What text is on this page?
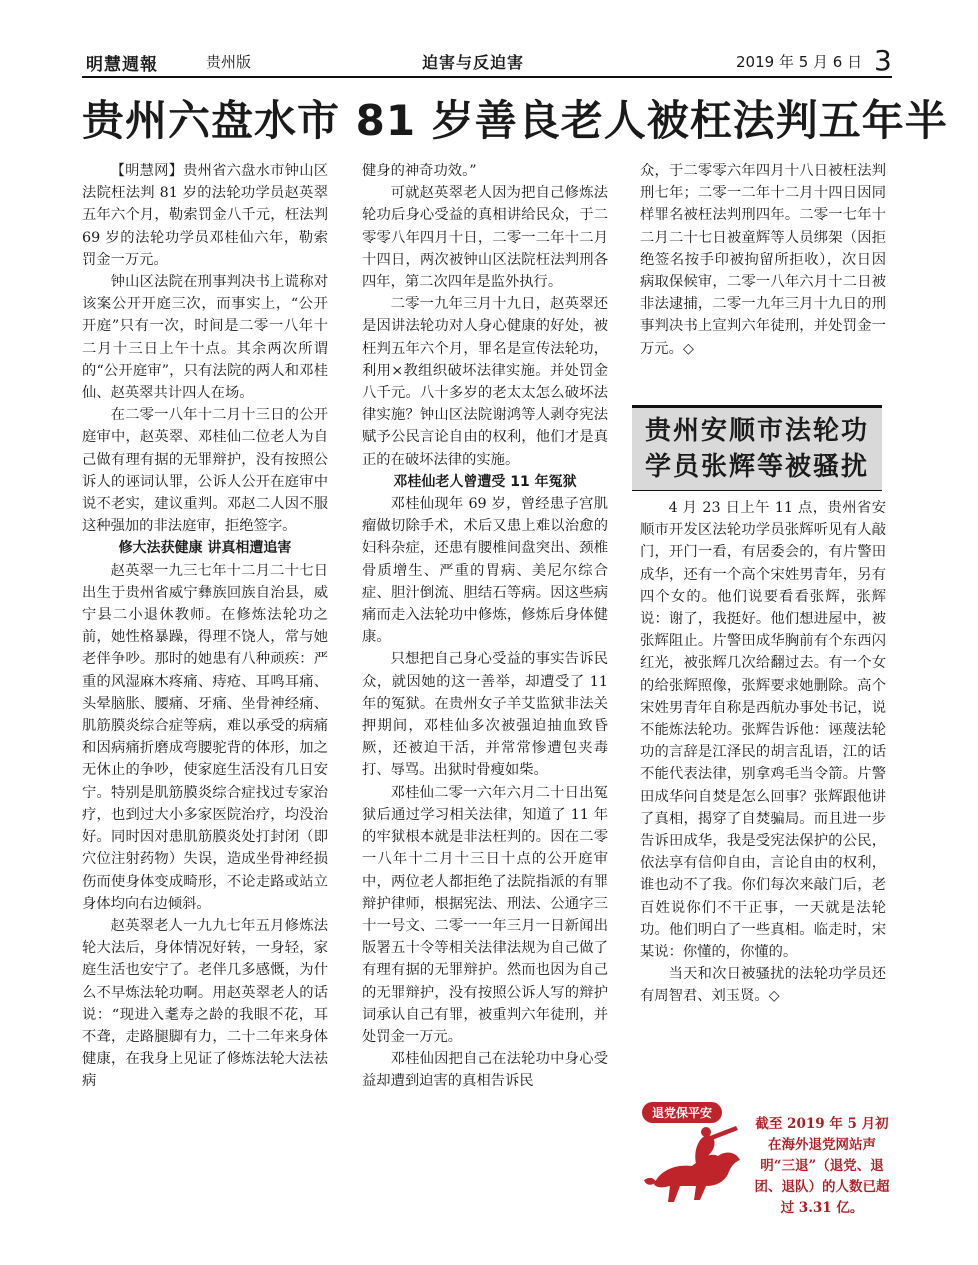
明慧週報	贵州版	迫害与反迫害	2019 年 5 月 6 日 3
贵州六盘水市 81 岁善良老人被枉法判五年半

【明慧网】贵州省六盘水市钟山区法院枉法判 81 岁的法轮功学员赵英翠五年六个月，勒索罚金八千元，枉法判 69 岁的法轮功学员邓桂仙六年，勒索罚金一万元。

钟山区法院在刑事判决书上谎称对该案公开开庭三次，而事实上，“公开开庭”只有一次，时间是二零一八年十二月十三日上午十点。其余两次所谓的“公开庭审”，只有法院的两人和邓桂仙、赵英翠共计四人在场。

在二零一八年十二月十三日的公开庭审中，赵英翠、邓桂仙二位老人为自己做有理有据的无罪辩护，没有按照公诉人的诬词认罪，公诉人公开在庭审中说不老实，建议重判。邓赵二人因不服这种强加的非法庭审，拒绝签字。

修大法获健康 讲真相遭追害

赵英翠一九三七年十二月二十七日出生于贵州省威宁彝族回族自治县，威宁县二小退休教师。在修炼法轮功之前，她性格暴躁，得理不饶人，常与她老伴争吵。那时的她患有八种顽疾：严重的风湿麻木疼痛、痔疮、耳鸣耳痛、头晕脑胀、腰痛、牙痛、坐骨神经痛、肌筋膜炎综合症等病，难以承受的病痛和因病痛折磨成弯腰驼背的体形，加之无休止的争吵，使家庭生活没有几日安宁。特别是肌筋膜炎综合症找过专家治疗，也到过大小多家医院治疗，均没治好。同时因对患肌筋膜炎处打封闭（即穴位注射药物）失误，造成坐骨神经损伤而使身体变成畸形，不论走路或站立身体均向右边倾斜。

赵英翠老人一九九七年五月修炼法轮大法后，身体情况好转，一身轻，家庭生活也安宁了。老伴几多感慨，为什么不早炼法轮功啊。用赵英翠老人的话说：“现进入耄寿之龄的我眼不花，耳不聋，走路腿脚有力，二十二年来身体健康，在我身上见证了修炼法轮大法祛病

健身的神奇功效。”

可就赵英翠老人因为把自己修炼法轮功后身心受益的真相讲给民众，于二零零八年四月十日，二零一二年十二月十四日，两次被钟山区法院枉法判刑各四年，第二次四年是监外执行。

二零一九年三月十九日，赵英翠还是因讲法轮功对人身心健康的好处，被枉判五年六个月，罪名是宣传法轮功，利用×教组织破坏法律实施。并处罚金八千元。八十多岁的老太太怎么破坏法律实施？钟山区法院谢鸿等人剥夺宪法赋予公民言论自由的权利，他们才是真正的在破坏法律的实施。

邓桂仙老人曾遭受 11 年冤狱

邓桂仙现年 69 岁，曾经患子宫肌瘤做切除手术，术后又患上难以治愈的妇科杂症，还患有腰椎间盘突出、颈椎骨质增生、严重的胃病、美尼尔综合症、胆汁倒流、胆结石等病。因这些病痛而走入法轮功中修炼，修炼后身体健康。

只想把自己身心受益的事实告诉民众，就因她的这一善举，却遭受了 11 年的冤狱。在贵州女子羊艾监狱非法关押期间，邓桂仙多次被强迫抽血致昏厥，还被迫干活，并常常惨遭包夹毒打、辱骂。出狱时骨瘦如柴。

邓桂仙二零一六年六月二十日出冤狱后通过学习相关法律，知道了 11 年的牢狱根本就是非法枉判的。因在二零一八年十二月十三日十点的公开庭审中，两位老人都拒绝了法院指派的有罪辩护律师，根据宪法、刑法、公通字三十一号文、二零一一年三月一日新闻出版署五十令等相关法律法规为自己做了有理有据的无罪辩护。然而也因为自己的无罪辩护，没有按照公诉人写的辩护词承认自己有罪，被重判六年徒刑，并处罚金一万元。

邓桂仙因把自己在法轮功中身心受益却遭到迫害的真相告诉民

众，于二零零六年四月十八日被枉法判刑七年；二零一二年十二月十四日因同样罪名被枉法判刑四年。二零一七年十二月二十七日被童辉等人员绑架（因拒绝签名按手印被拘留所拒收），次日因病取保候审，二零一八年六月十二日被非法逮捕，二零一九年三月十九日的刑事判决书上宣判六年徒刑，并处罚金一万元。◇

贵州安顺市法轮功
学员张辉等被骚扰

4 月 23 日上午 11 点，贵州省安顺市开发区法轮功学员张辉听见有人敲门，开门一看，有居委会的，有片警田成华，还有一个高个宋姓男青年，另有四个女的。他们说要看看张辉，张辉说：谢了，我挺好。他们想进屋中，被张辉阻止。片警田成华胸前有个东西闪红光，被张辉几次给翻过去。有一个女的给张辉照像，张辉要求她删除。高个宋姓男青年自称是西航办事处书记，说不能炼法轮功。张辉告诉他：诬蔑法轮功的言辞是江泽民的胡言乱语，江的话不能代表法律，别拿鸡毛当令箭。片警田成华问自焚是怎么回事？张辉跟他讲了真相，揭穿了自焚骗局。而且进一步告诉田成华，我是受宪法保护的公民，依法享有信仰自由，言论自由的权利，谁也动不了我。你们每次来敲门后，老百姓说你们不干正事，一天就是法轮功。他们明白了一些真相。临走时，宋某说：你懂的，你懂的。

当天和次日被骚扰的法轮功学员还有周智君、刘玉贤。◇

退党保平安
截至 2019 年 5 月初在海外退党网站声明“三退”（退党、退团、退队）的人数已超过 3.31 亿。
